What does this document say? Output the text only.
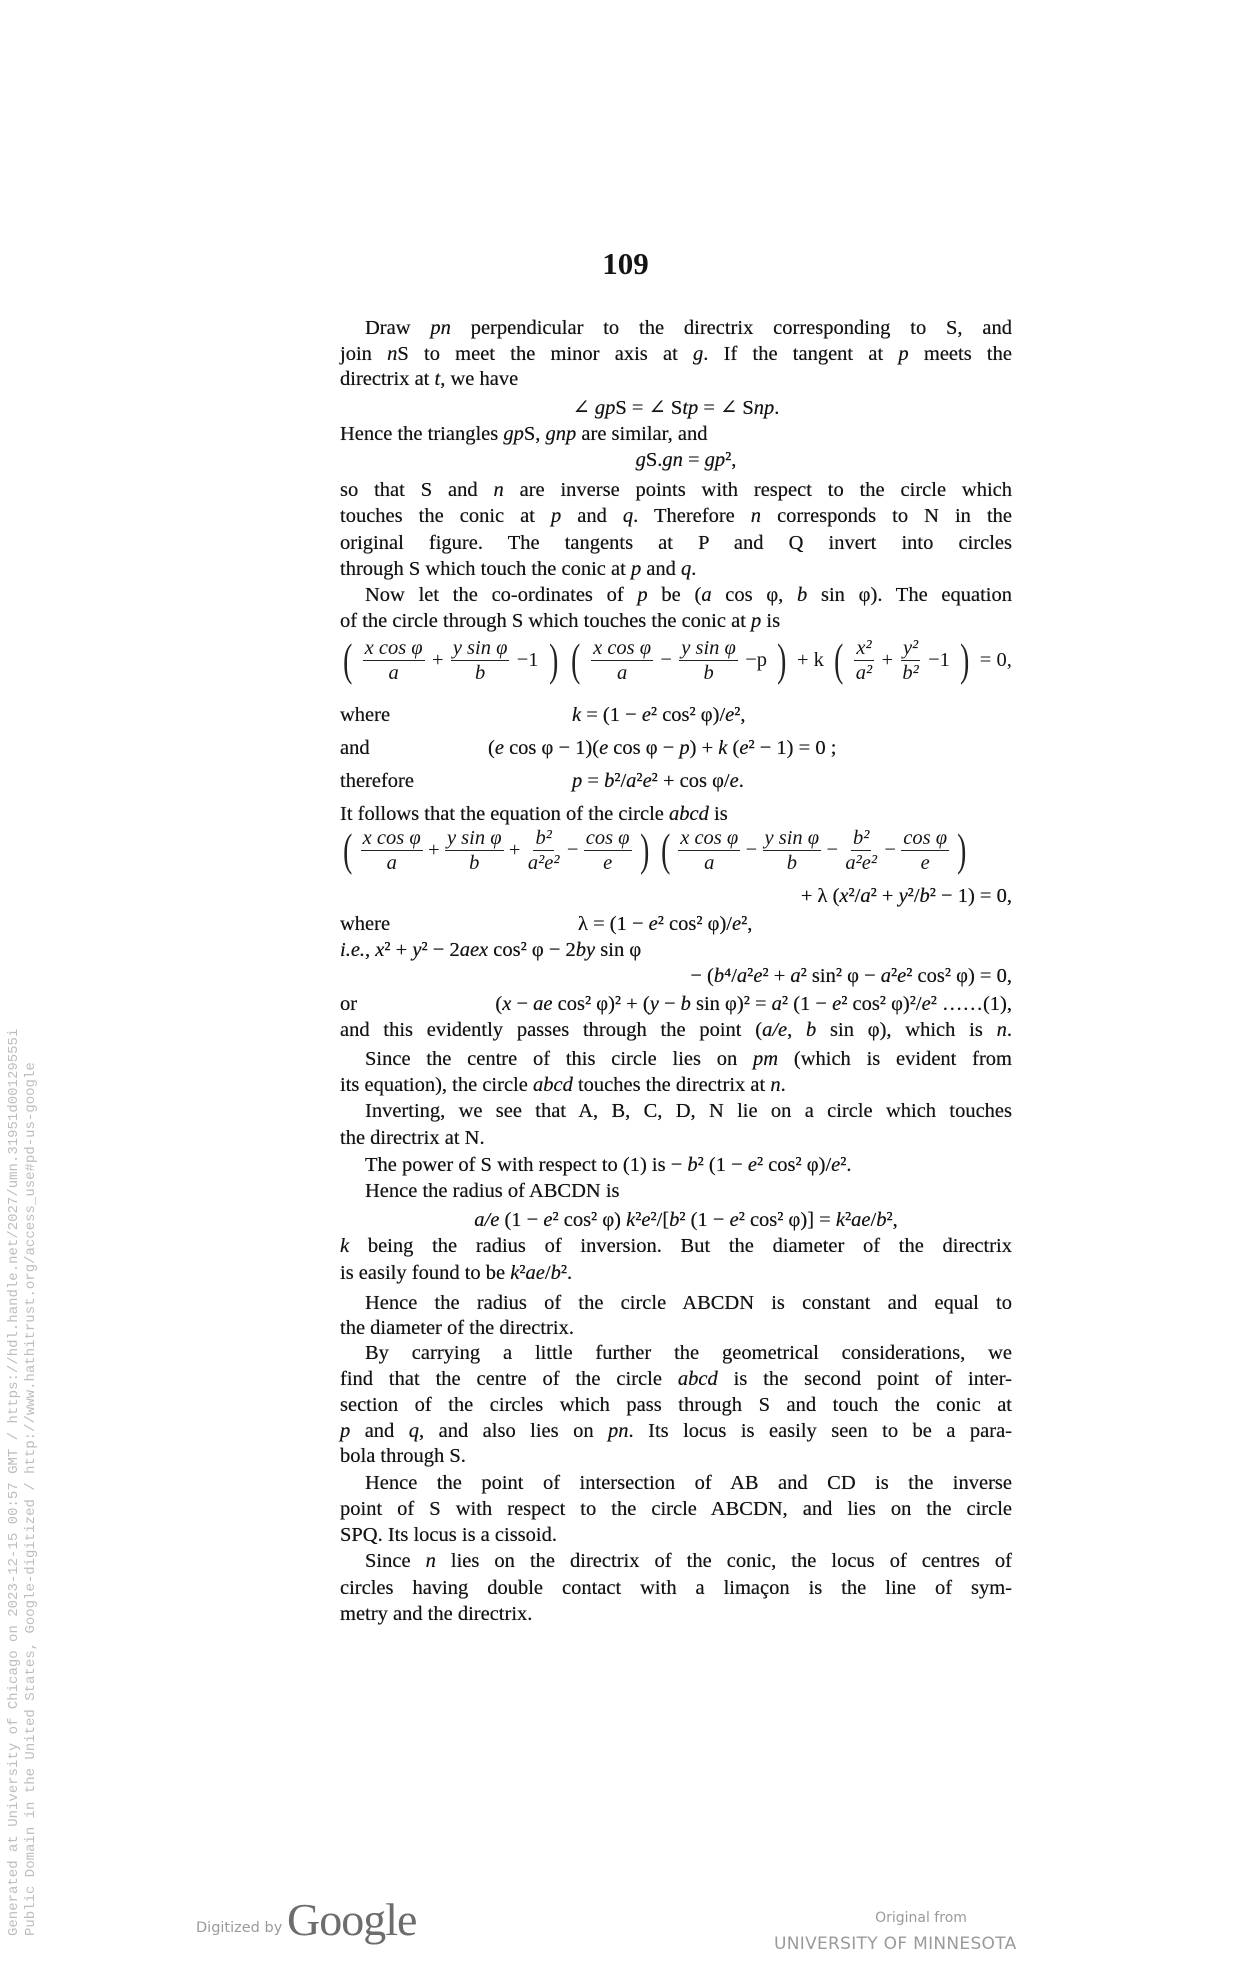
109
Draw pn perpendicular to the directrix corresponding to S, and
join nS to meet the minor axis at g. If the tangent at p meets the
directrix at t, we have
∠ gpS = ∠ Stp = ∠ Snp.
Hence the triangles gpS, gnp are similar, and
gS.gn = gp²,
so that S and n are inverse points with respect to the circle which
touches the conic at p and q. Therefore n corresponds to N in the
original figure. The tangents at P and Q invert into circles
through S which touch the conic at p and q.
Now let the co-ordinates of p be (a cos φ, b sin φ). The equation
of the circle through S which touches the conic at p is
( $\frac{\text{x cos φ}}{a} + \frac{\text{y sin φ}}{b} -1$ ) ( $\frac{\text{x cos φ}}{a} - \frac{\text{y sin φ}}{b} -p$ ) + k ( $\frac{\text{x²}}{\text{a²}} + \frac{\text{y²}}{\text{b²}} -1$ ) = 0,
where	k = (1 − e² cos² φ)/e²,
and	(e cos φ − 1)(e cos φ − p) + k (e² − 1) = 0 ;
therefore	p = b²/a²e² + cos φ/e.
It follows that the equation of the circle abcd is
( $\frac{\text{x cos φ}}{a} + \frac{\text{y sin φ}}{b} + \frac{\text{b²}}{\text{a²e²}} - \frac{\text{cos φ}}{e}$ ) ( $\frac{\text{x cos φ}}{a} - \frac{\text{y sin φ}}{b} - \frac{\text{b²}}{\text{a²e²}} - \frac{\text{cos φ}}{e}$ )
+ λ (x²/a² + y²/b² − 1) = 0,
where	λ = (1 − e² cos² φ)/e²,
i.e., x² + y² − 2aex cos² φ − 2by sin φ
− (b⁴/a²e² + a² sin² φ − a²e² cos² φ) = 0,
or	(x − ae cos² φ)² + (y − b sin φ)² = a² (1 − e² cos² φ)²/e² ……(1),
and this evidently passes through the point (a/e, b sin φ), which is n.
Since the centre of this circle lies on pm (which is evident from
its equation), the circle abcd touches the directrix at n.
Inverting, we see that A, B, C, D, N lie on a circle which touches
the directrix at N.
The power of S with respect to (1) is − b² (1 − e² cos² φ)/e².
Hence the radius of ABCDN is
a/e (1 − e² cos² φ) k²e²/[b² (1 − e² cos² φ)] = k²ae/b²,
k being the radius of inversion. But the diameter of the directrix
is easily found to be k²ae/b².
Hence the radius of the circle ABCDN is constant and equal to
the diameter of the directrix.
By carrying a little further the geometrical considerations, we
find that the centre of the circle abcd is the second point of inter-
section of the circles which pass through S and touch the conic at
p and q, and also lies on pn. Its locus is easily seen to be a para-
bola through S.
Hence the point of intersection of AB and CD is the inverse
point of S with respect to the circle ABCDN, and lies on the circle
SPQ. Its locus is a cissoid.
Since n lies on the directrix of the conic, the locus of centres of
circles having double contact with a limaçon is the line of sym-
metry and the directrix.
Generated at University of Chicago on 2023-12-15 00:57 GMT / https://hdl.handle.net/2027/umn.31951d00129555i Public Domain in the United States, Google-digitized / http://www.hathitrust.org/access_use#pd-us-google	Digitized by Google	Original from
UNIVERSITY OF MINNESOTA
